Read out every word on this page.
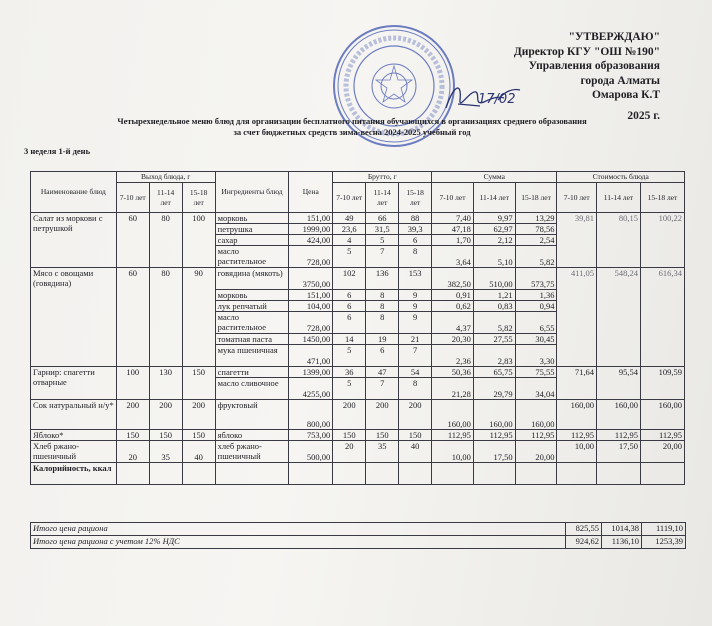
17/02
"УТВЕРЖДАЮ"
Директор КГУ "ОШ №190"
Управления образования
города Алматы
Омарова К.Т
2025 г.
Четырехнедельное меню блюд для организации бесплатного питания обучающихся в организациях среднего образования
за счет бюджетных средств зима-весна 2024-2025 учебный год
3 неделя 1-й день
Наименование блюд	Выход блюда, г			Ингредиенты блюд	Цена	Брутто, г			Сумма			Стоимость блюда		
	7-10 лет	11-14 лет	15-18 лет			7-10 лет	11-14 лет	15-18 лет	7-10 лет	11-14 лет	15-18 лет	7-10 лет	11-14 лет	15-18 лет
Салат из моркови с петрушкой	60	80	100	морковь	151,00	49	66	88	7,40	9,97	13,29	39,81	80,15	100,22
				петрушка	1999,00	23,6	31,5	39,3	47,18	62,97	78,56			
				сахар	424,00	4	5	6	1,70	2,12	2,54			
				масло растительное	728,00	5	7	8	3,64	5,10	5,82			
Мясо с овощами (говядина)	60	80	90	говядина (мякоть)	3750,00	102	136	153	382,50	510,00	573,75	411,05	548,24	616,34
				морковь	151,00	6	8	9	0,91	1,21	1,36			
				лук репчатый	104,00	6	8	9	0,62	0,83	0,94			
				масло растительное	728,00	6	8	9	4,37	5,82	6,55			
				томатная паста	1450,00	14	19	21	20,30	27,55	30,45			
				мука пшеничная	471,00	5	6	7	2,36	2,83	3,30			
Гарнир: спагетти отварные	100	130	150	спагетти	1399,00	36	47	54	50,36	65,75	75,55	71,64	95,54	109,59
				масло сливочное	4255,00	5	7	8	21,28	29,79	34,04			
Сок натуральный н/у*	200	200	200	фруктовый	800,00	200	200	200	160,00	160,00	160,00	160,00	160,00	160,00
Яблоко*	150	150	150	яблоко	753,00	150	150	150	112,95	112,95	112,95	112,95	112,95	112,95
Хлеб ржано-пшеничный	20	35	40	хлеб ржано-пшеничный	500,00	20	35	40	10,00	17,50	20,00	10,00	17,50	20,00
Калорийность, ккал														
Итого цена рациона	825,55	1014,38	1119,10
Итого цена рациона с учетом 12% НДС	924,62	1136,10	1253,39
